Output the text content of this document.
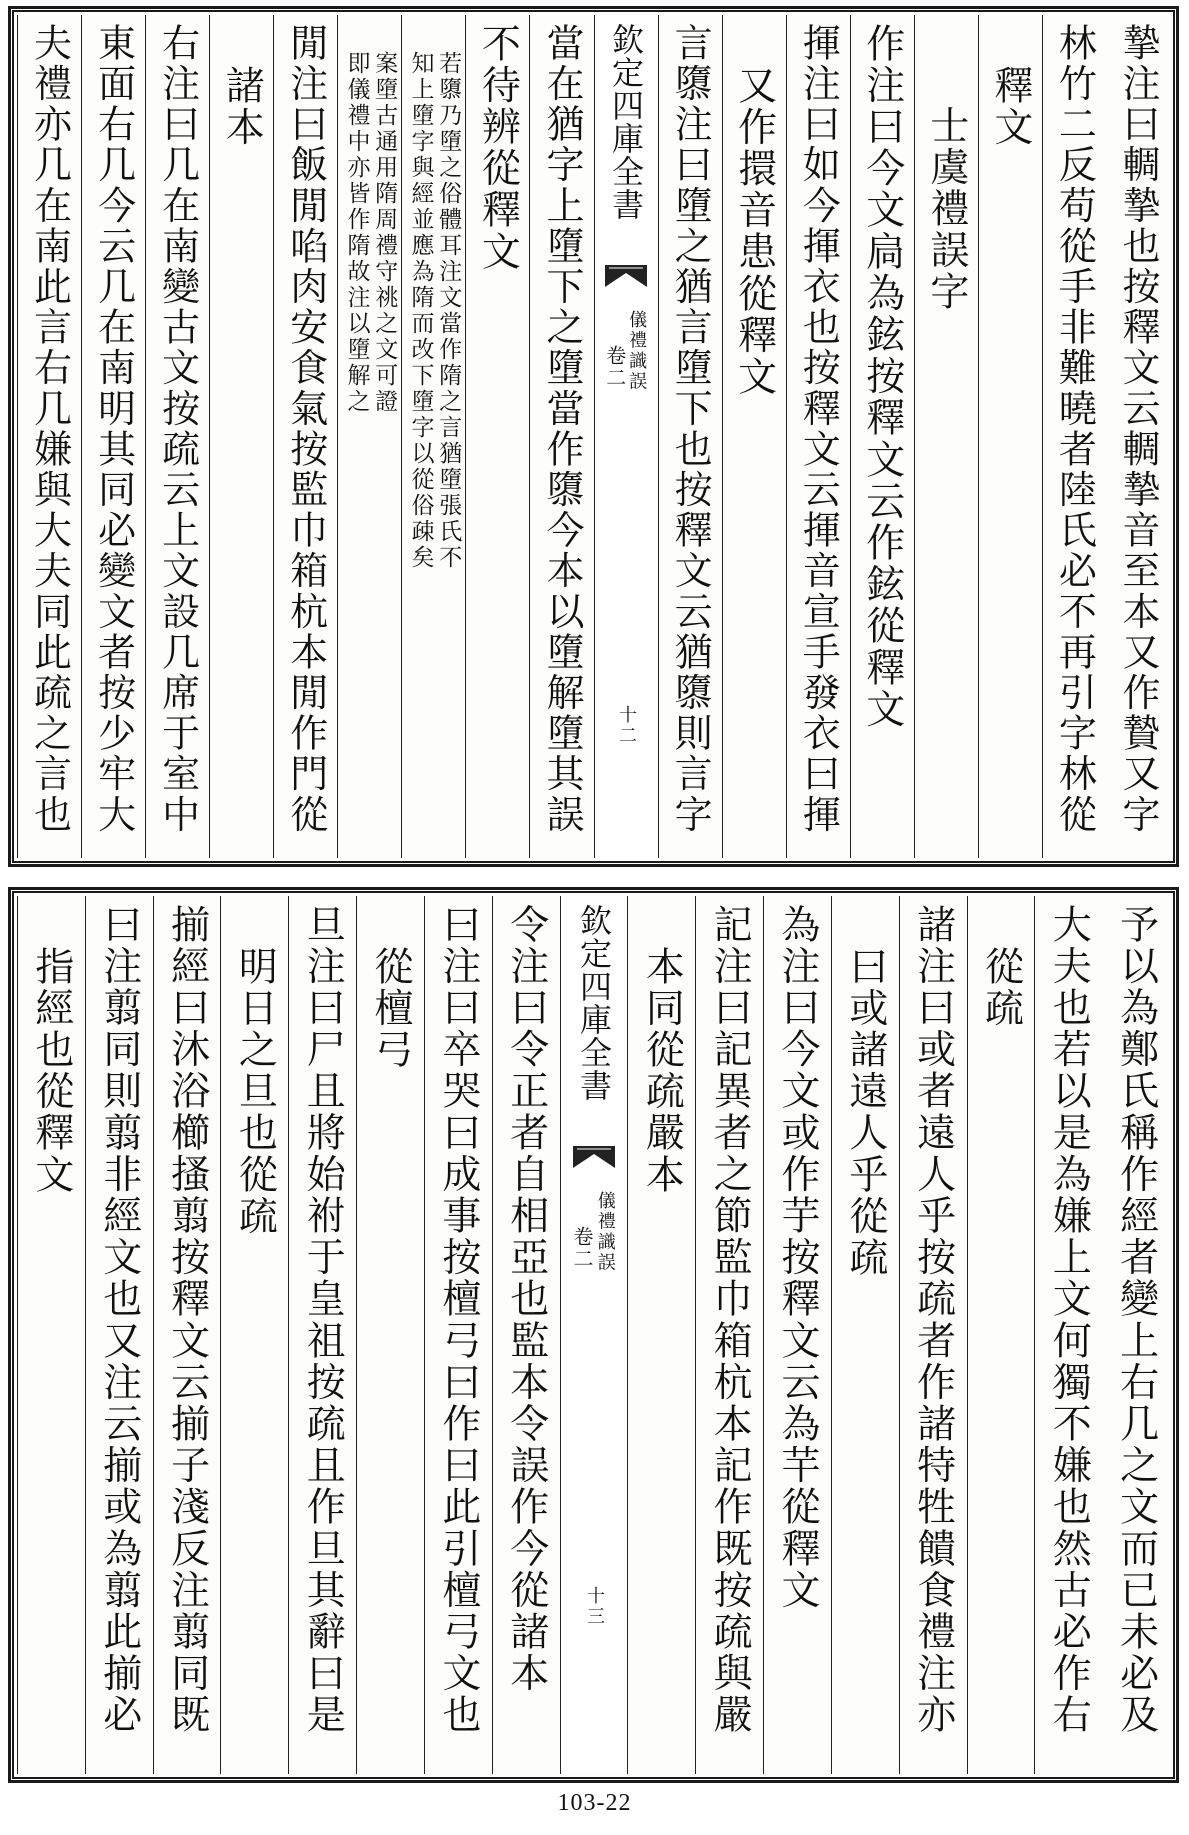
摯注曰輖摯也按釋文云輖摯音至本又作贄又字
林竹二反苟從手非難曉者陸氏必不再引字林從
釋文
士虞禮誤字
作注曰今文扃為鉉按釋文云作鉉從釋文
揮注曰如今揮衣也按釋文云揮音宣手發衣曰揮
又作擐音患從釋文
言隳注曰墮之猶言墮下也按釋文云猶隳則言字
欽定四庫全書
儀禮識誤
卷二
十二
當在猶字上墮下之墮當作隳今本以墮解墮其誤
不待辨從釋文
若隳乃墮之俗體耳注文當作隋之言猶墮張氏不
知上墮字與經並應為隋而改下墮字以從俗疎矣
案墮古通用隋周禮守祧之文可證
即儀禮中亦皆作隋故注以墮解之
閒注曰飯閒啗肉安食氣按監巾箱杭本閒作門從
諸本
右注曰几在南變古文按疏云上文設几席于室中
東面右几今云几在南明其同必變文者按少牢大
夫禮亦几在南此言右几嫌與大夫同此疏之言也
予以為鄭氏稱作經者變上右几之文而已未必及
大夫也若以是為嫌上文何獨不嫌也然古必作右
從疏
諸注曰或者遠人乎按疏者作諸特牲饋食禮注亦
曰或諸遠人乎從疏
為注曰今文或作芋按釋文云為芉從釋文
記注曰記異者之節監巾箱杭本記作既按疏與嚴
本同從疏嚴本
欽定四庫全書
儀禮識誤
卷二
十三
令注曰令正者自相亞也監本令誤作今從諸本
曰注曰卒哭曰成事按檀弓曰作曰此引檀弓文也
從檀弓
旦注曰尸且將始祔于皇祖按疏且作旦其辭曰是
明日之旦也從疏
揃經曰沐浴櫛搔翦按釋文云揃子淺反注翦同既
曰注翦同則翦非經文也又注云揃或為翦此揃必
指經也從釋文
103-22
